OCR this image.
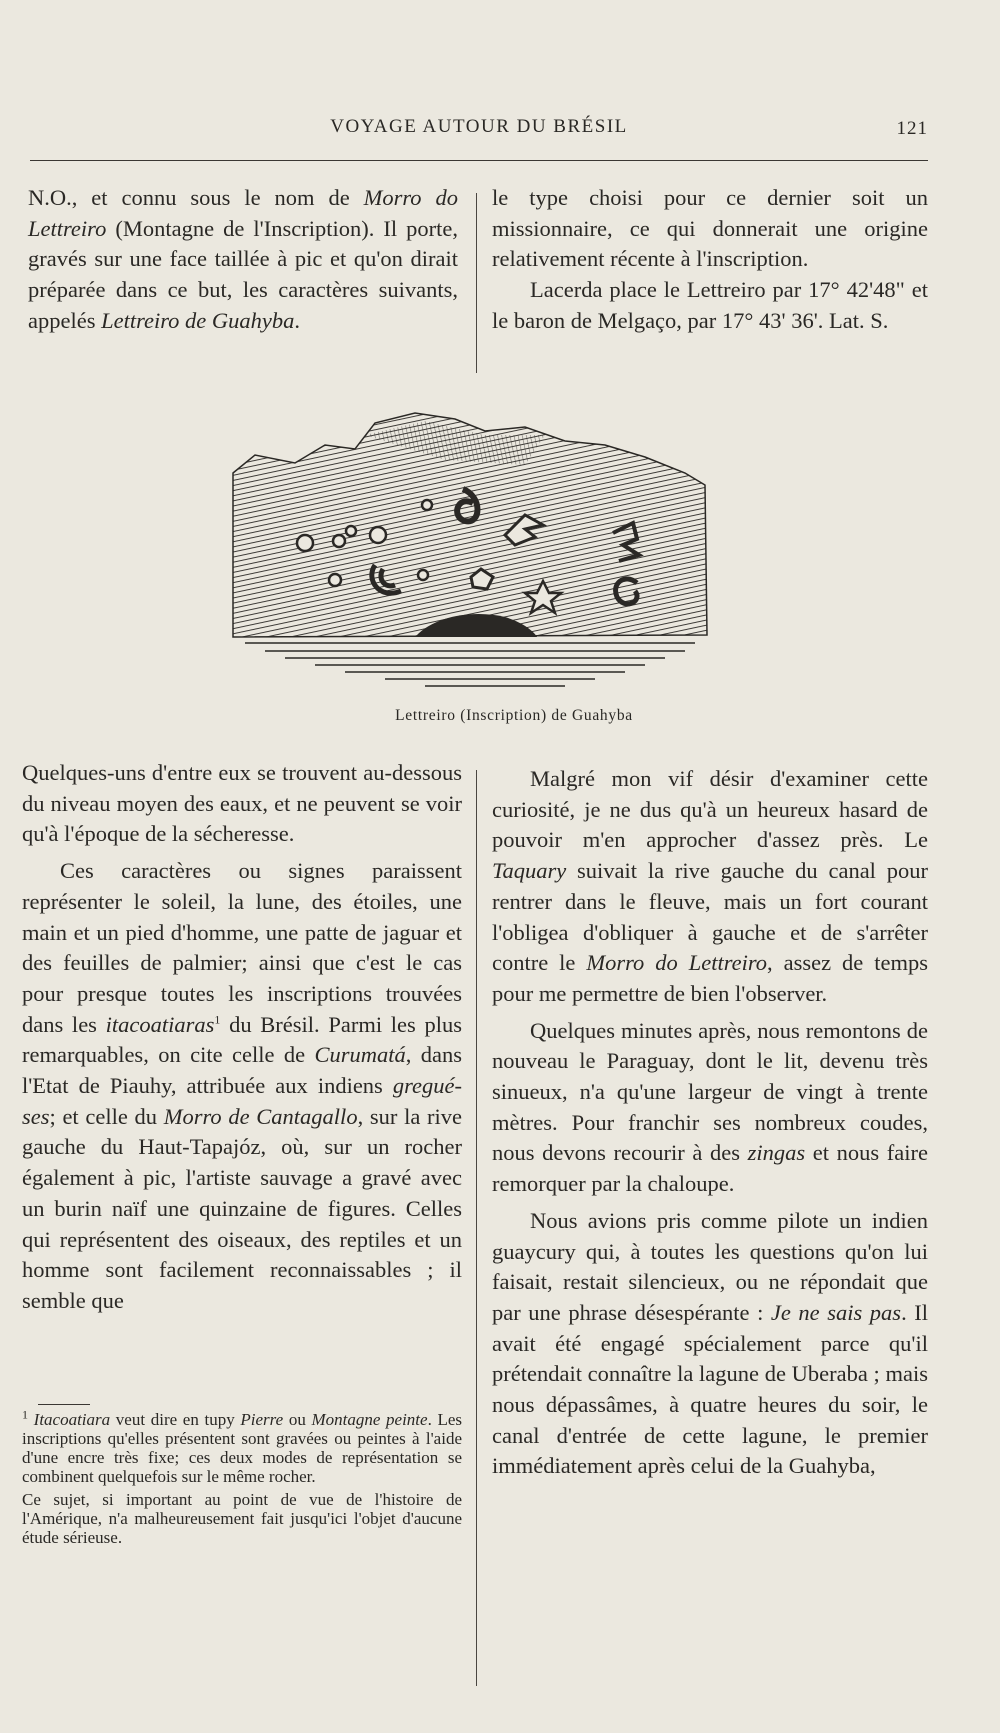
VOYAGE AUTOUR DU BRÉSIL	121

N.O., et connu sous le nom de Morro do Lettreiro (Montagne de l'Inscription). Il porte, gravés sur une face taillée à pic et qu'on dirait préparée dans ce but, les caractères suivants, appelés Lettreiro de Guahyba.

le type choisi pour ce dernier soit un missionnaire, ce qui donnerait une origine relativement récente à l'inscription.

Lacerda place le Lettreiro par 17° 42'48" et le baron de Melgaço, par 17° 43' 36'. Lat. S.

Lettreiro (Inscription) de Guahyba

Quelques-uns d'entre eux se trouvent au-dessous du niveau moyen des eaux, et ne peuvent se voir qu'à l'époque de la sécheresse.

Ces caractères ou signes paraissent représenter le soleil, la lune, des étoiles, une main et un pied d'homme, une patte de jaguar et des feuilles de palmier; ainsi que c'est le cas pour presque toutes les inscriptions trouvées dans les itacoatiaras$^1$ du Brésil. Parmi les plus remarquables, on cite celle de Curumatá, dans l'Etat de Piauhy, attribuée aux indiens gregué-ses; et celle du Morro de Cantagallo, sur la rive gauche du Haut-Tapajóz, où, sur un rocher également à pic, l'artiste sauvage a gravé avec un burin naïf une quinzaine de figures. Celles qui représentent des oiseaux, des reptiles et un homme sont facilement reconnaissables ; il semble que

Malgré mon vif désir d'examiner cette curiosité, je ne dus qu'à un heureux hasard de pouvoir m'en approcher d'assez près. Le Taquary suivait la rive gauche du canal pour rentrer dans le fleuve, mais un fort courant l'obligea d'obliquer à gauche et de s'arrêter contre le Morro do Lettreiro, assez de temps pour me permettre de bien l'observer.

Quelques minutes après, nous remontons de nouveau le Paraguay, dont le lit, devenu très sinueux, n'a qu'une largeur de vingt à trente mètres. Pour franchir ses nombreux coudes, nous devons recourir à des zingas et nous faire remorquer par la chaloupe.

Nous avions pris comme pilote un indien guaycury qui, à toutes les questions qu'on lui faisait, restait silencieux, ou ne répondait que par une phrase désespérante : Je ne sais pas. Il avait été engagé spécialement parce qu'il prétendait connaître la lagune de Uberaba ; mais nous dépassâmes, à quatre heures du soir, le canal d'entrée de cette lagune, le premier immédiatement après celui de la Guahyba,

$^1$ Itacoatiara veut dire en tupy Pierre ou Montagne peinte. Les inscriptions qu'elles présentent sont gravées ou peintes à l'aide d'une encre très fixe; ces deux modes de représentation se combinent quelquefois sur le même rocher.

Ce sujet, si important au point de vue de l'histoire de l'Amérique, n'a malheureusement fait jusqu'ici l'objet d'aucune étude sérieuse.
